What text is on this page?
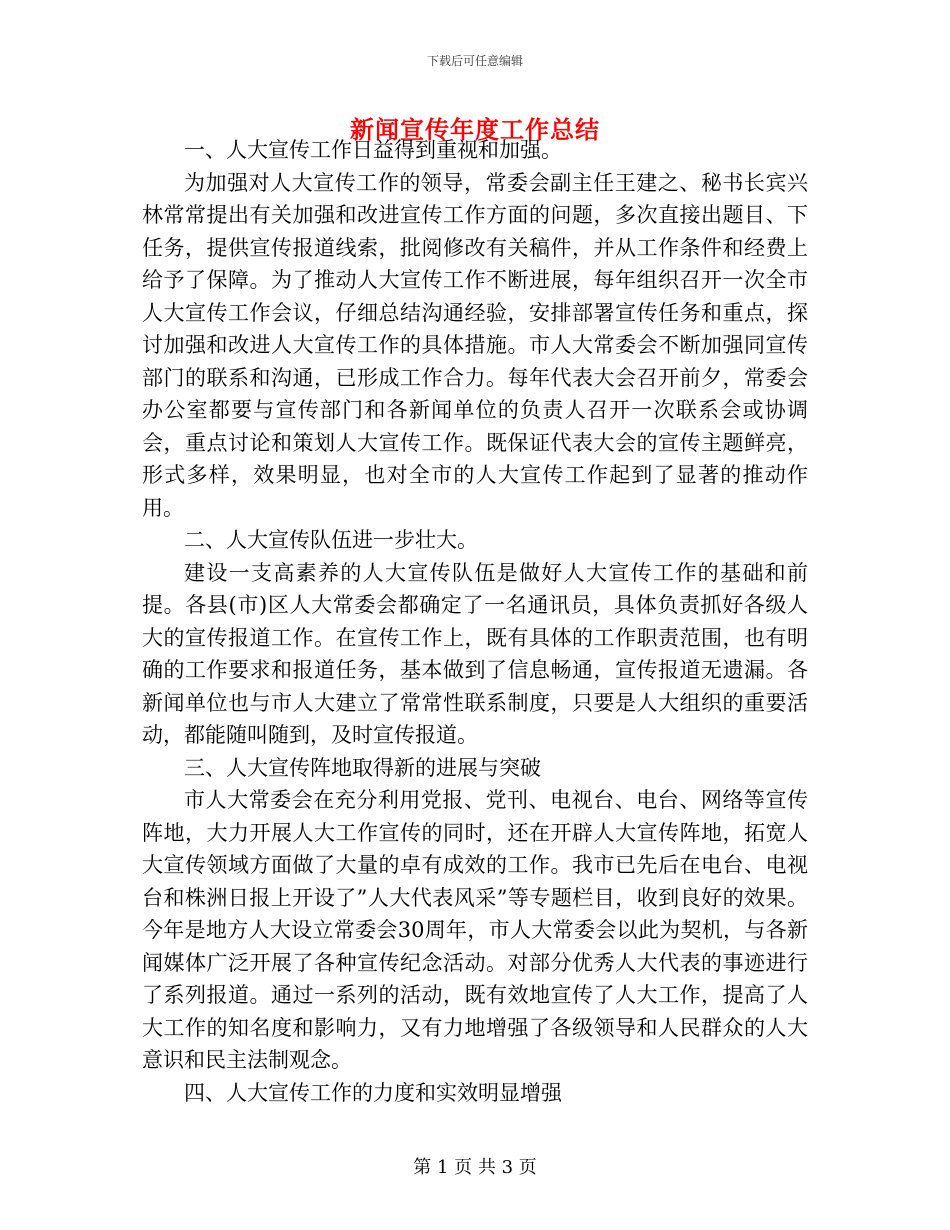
下载后可任意编辑
新闻宣传年度工作总结

一、人大宣传工作日益得到重视和加强。

为加强对人大宣传工作的领导，常委会副主任王建之、秘书长宾兴林常常提出有关加强和改进宣传工作方面的问题，多次直接出题目、下任务，提供宣传报道线索，批阅修改有关稿件，并从工作条件和经费上给予了保障。为了推动人大宣传工作不断进展，每年组织召开一次全市人大宣传工作会议，仔细总结沟通经验，安排部署宣传任务和重点，探讨加强和改进人大宣传工作的具体措施。市人大常委会不断加强同宣传部门的联系和沟通，已形成工作合力。每年代表大会召开前夕，常委会办公室都要与宣传部门和各新闻单位的负责人召开一次联系会或协调会，重点讨论和策划人大宣传工作。既保证代表大会的宣传主题鲜亮，形式多样，效果明显，也对全市的人大宣传工作起到了显著的推动作用。

二、人大宣传队伍进一步壮大。

建设一支高素养的人大宣传队伍是做好人大宣传工作的基础和前提。各县(市)区人大常委会都确定了一名通讯员，具体负责抓好各级人大的宣传报道工作。在宣传工作上，既有具体的工作职责范围，也有明确的工作要求和报道任务，基本做到了信息畅通，宣传报道无遗漏。各新闻单位也与市人大建立了常常性联系制度，只要是人大组织的重要活动，都能随叫随到，及时宣传报道。

三、人大宣传阵地取得新的进展与突破

市人大常委会在充分利用党报、党刊、电视台、电台、网络等宣传阵地，大力开展人大工作宣传的同时，还在开辟人大宣传阵地，拓宽人大宣传领域方面做了大量的卓有成效的工作。我市已先后在电台、电视台和株洲日报上开设了”人大代表风采”等专题栏目，收到良好的效果。今年是地方人大设立常委会30周年，市人大常委会以此为契机，与各新闻媒体广泛开展了各种宣传纪念活动。对部分优秀人大代表的事迹进行了系列报道。通过一系列的活动，既有效地宣传了人大工作，提高了人大工作的知名度和影响力，又有力地增强了各级领导和人民群众的人大意识和民主法制观念。

四、人大宣传工作的力度和实效明显增强

第 1 页 共 3 页
